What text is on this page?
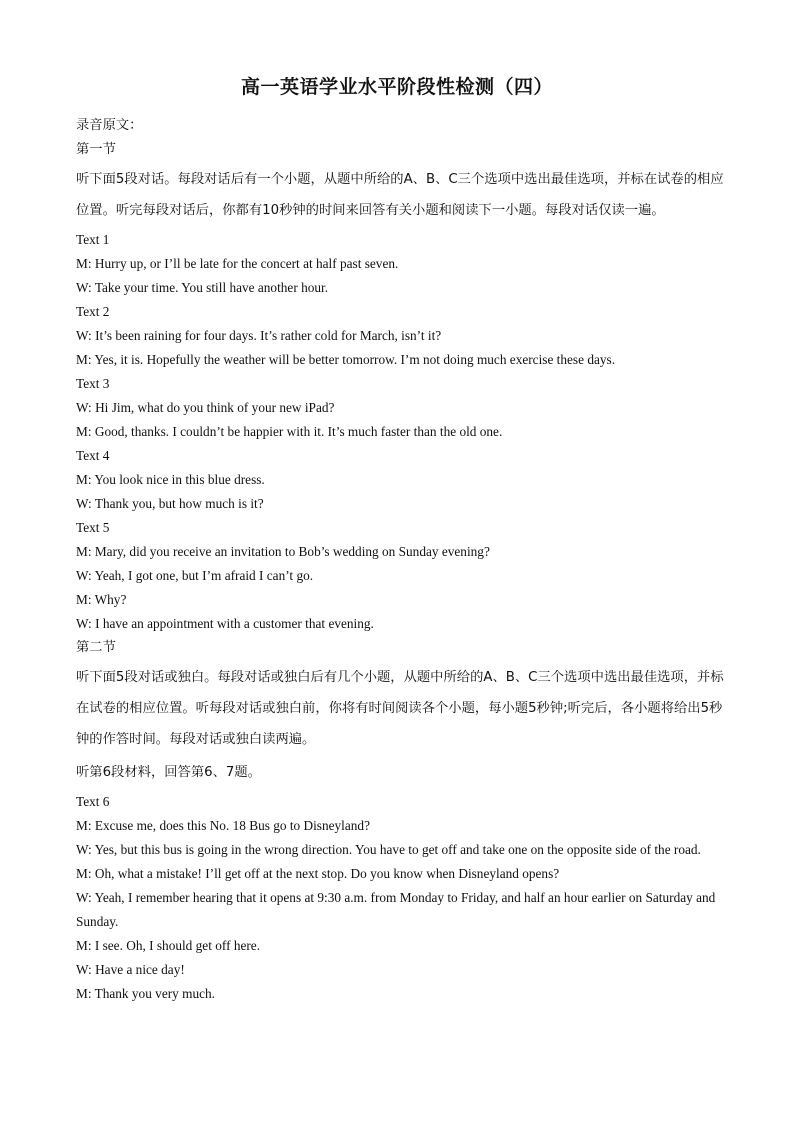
高一英语学业水平阶段性检测（四）

录音原文：

第一节

听下面5段对话。每段对话后有一个小题，从题中所给的A、B、C三个选项中选出最佳选项，并标在试卷的相应位置。听完每段对话后，你都有10秒钟的时间来回答有关小题和阅读下一小题。每段对话仅读一遍。

Text 1

M: Hurry up, or I’ll be late for the concert at half past seven.

W: Take your time. You still have another hour.

Text 2

W: It’s been raining for four days. It’s rather cold for March, isn’t it?

M: Yes, it is. Hopefully the weather will be better tomorrow. I’m not doing much exercise these days.

Text 3

W: Hi Jim, what do you think of your new iPad?

M: Good, thanks. I couldn’t be happier with it. It’s much faster than the old one.

Text 4

M: You look nice in this blue dress.

W: Thank you, but how much is it?

Text 5

M: Mary, did you receive an invitation to Bob’s wedding on Sunday evening?

W: Yeah, I got one, but I’m afraid I can’t go.

M: Why?

W: I have an appointment with a customer that evening.

第二节

听下面5段对话或独白。每段对话或独白后有几个小题，从题中所给的A、B、C三个选项中选出最佳选项，并标在试卷的相应位置。听每段对话或独白前，你将有时间阅读各个小题，每小题5秒钟;听完后，各小题将给出5秒钟的作答时间。每段对话或独白读两遍。

听第6段材料，回答第6、7题。

Text 6

M: Excuse me, does this No. 18 Bus go to Disneyland?

W: Yes, but this bus is going in the wrong direction. You have to get off and take one on the opposite side of the road.

M: Oh, what a mistake! I’ll get off at the next stop. Do you know when Disneyland opens?

W: Yeah, I remember hearing that it opens at 9:30 a.m. from Monday to Friday, and half an hour earlier on Saturday and Sunday.

M: I see. Oh, I should get off here.

W: Have a nice day!

M: Thank you very much.
